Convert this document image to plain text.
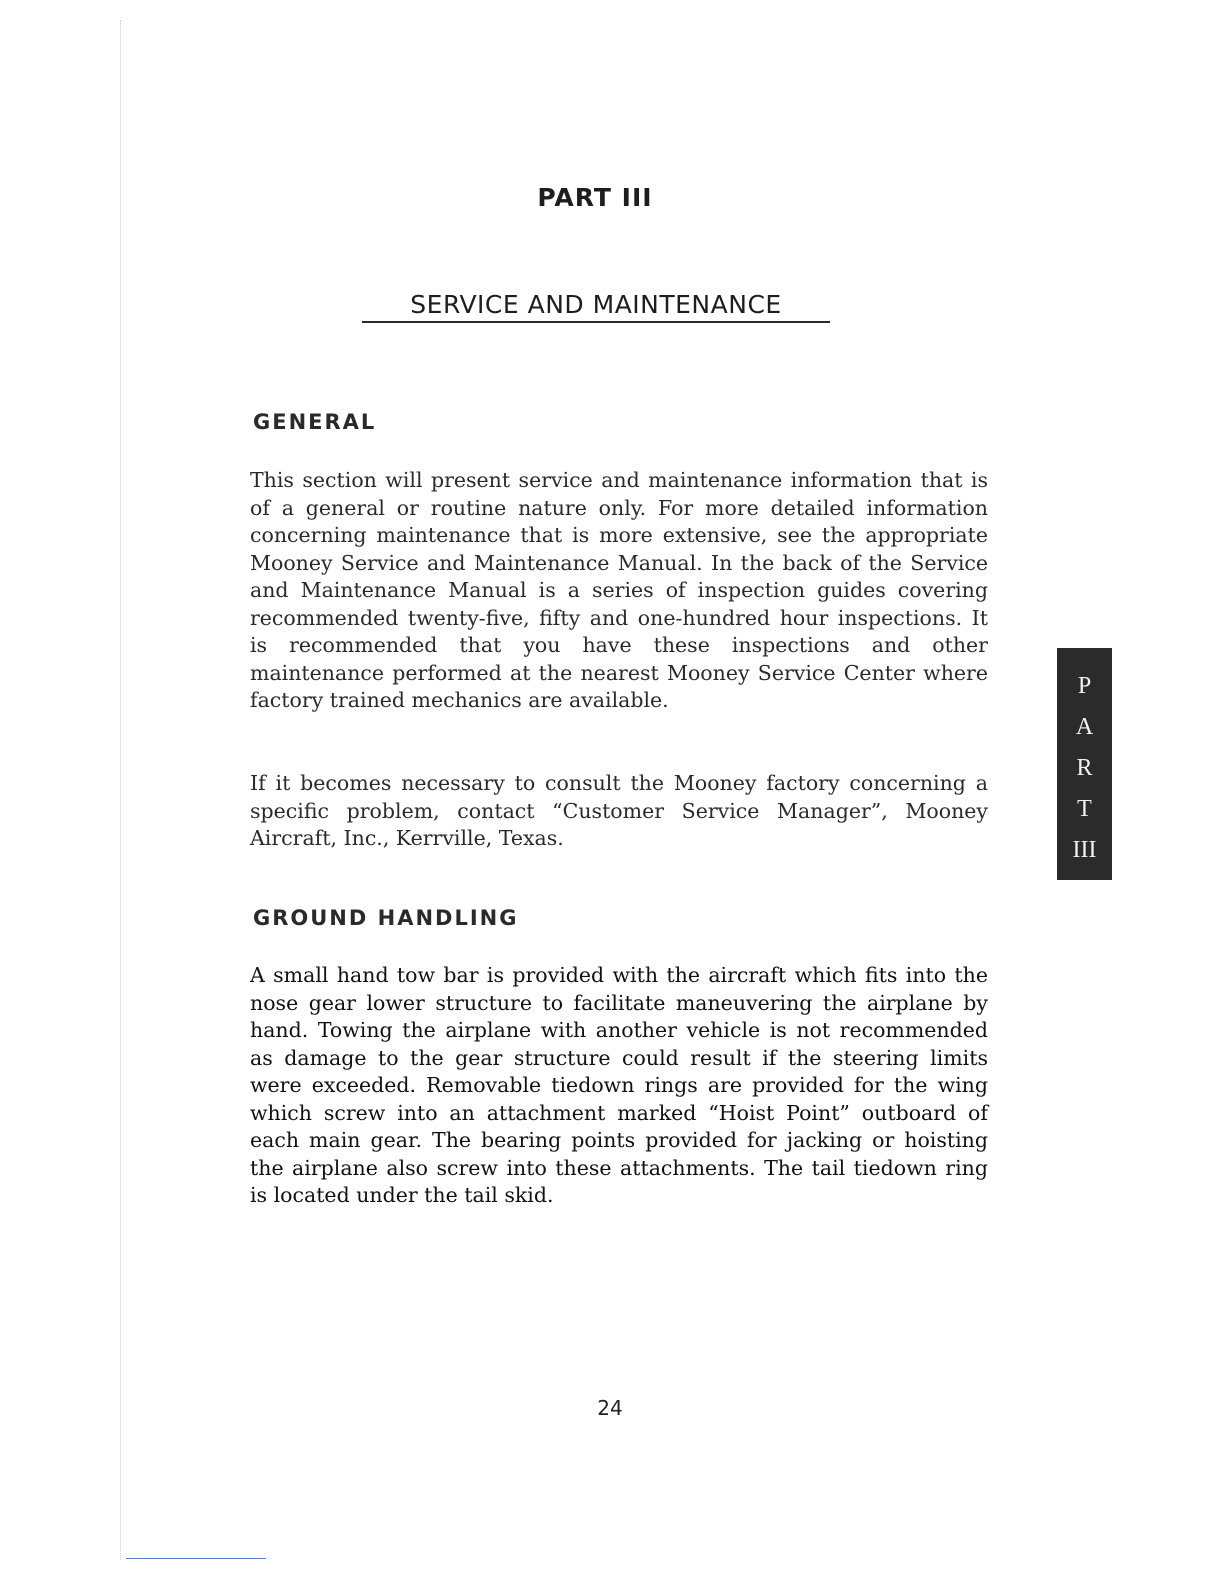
PART III
SERVICE AND MAINTENANCE
GENERAL

This section will present service and maintenance information that is of a general or routine nature only. For more detailed information concerning maintenance that is more extensive, see the appropriate Mooney Service and Maintenance Manual. In the back of the Service and Maintenance Manual is a series of inspection guides covering recommended twenty-five, fifty and one-hundred hour inspections. It is recommended that you have these inspections and other maintenance performed at the nearest Mooney Service Center where factory trained mechanics are available.

If it becomes necessary to consult the Mooney factory concerning a specific problem, contact “Customer Service Manager”, Mooney Aircraft, Inc., Kerrville, Texas.

GROUND HANDLING

A small hand tow bar is provided with the aircraft which fits into the nose gear lower structure to facilitate maneuvering the airplane by hand. Towing the airplane with another vehicle is not recommended as damage to the gear structure could result if the steering limits were exceeded. Removable tiedown rings are provided for the wing which screw into an attachment marked “Hoist Point” outboard of each main gear. The bearing points provided for jacking or hoisting the airplane also screw into these attachments. The tail tiedown ring is located under the tail skid.

P
A
R
T
III
24
